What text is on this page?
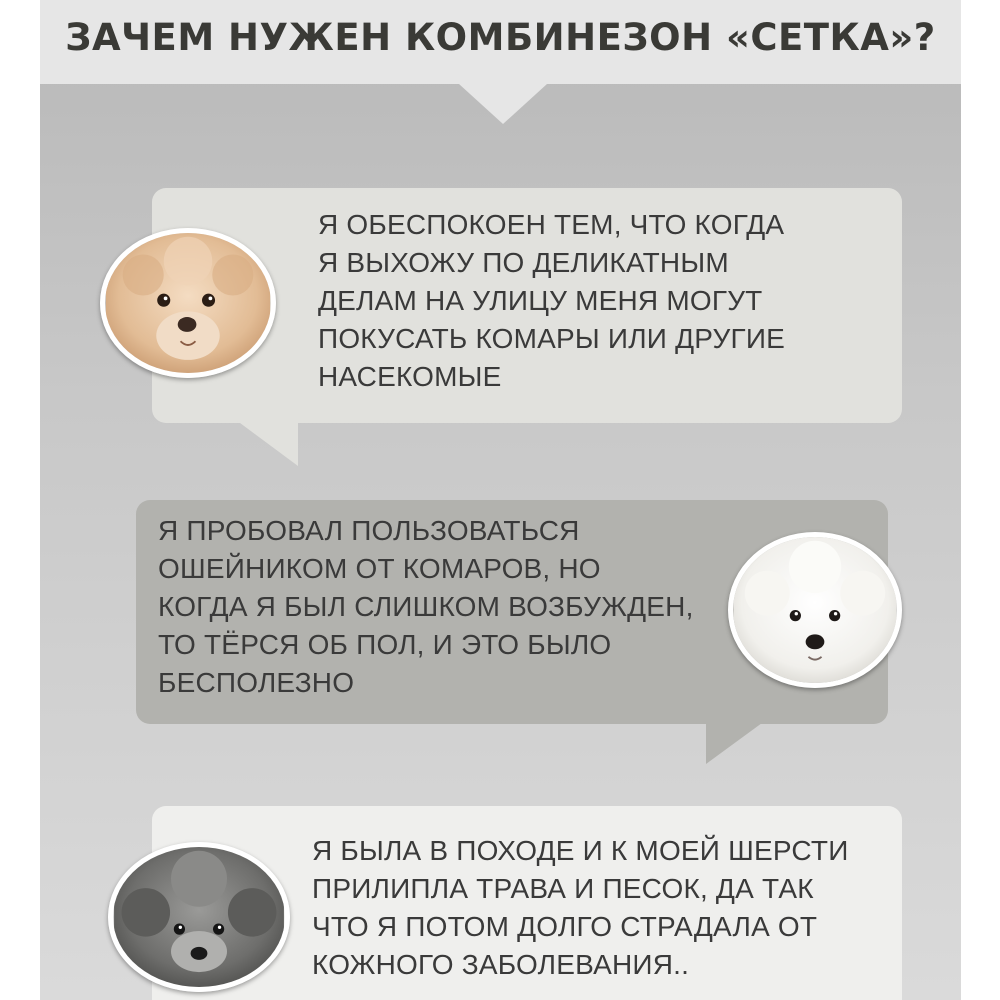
ЗАЧЕМ НУЖЕН КОМБИНЕЗОН «СЕТКА»?
Я ОБЕСПОКОЕН ТЕМ, ЧТО КОГДА
Я ВЫХОЖУ ПО ДЕЛИКАТНЫМ
ДЕЛАМ НА УЛИЦУ МЕНЯ МОГУТ
ПОКУСАТЬ КОМАРЫ ИЛИ ДРУГИЕ
НАСЕКОМЫЕ
Я ПРОБОВАЛ ПОЛЬЗОВАТЬСЯ
ОШЕЙНИКОМ ОТ КОМАРОВ, НО
КОГДА Я БЫЛ СЛИШКОМ ВОЗБУЖДЕН,
ТО ТЁРСЯ ОБ ПОЛ, И ЭТО БЫЛО
БЕСПОЛЕЗНО
Я БЫЛА В ПОХОДЕ И К МОЕЙ ШЕРСТИ
ПРИЛИПЛА ТРАВА И ПЕСОК, ДА ТАК
ЧТО Я ПОТОМ ДОЛГО СТРАДАЛА ОТ
КОЖНОГО ЗАБОЛЕВАНИЯ..
